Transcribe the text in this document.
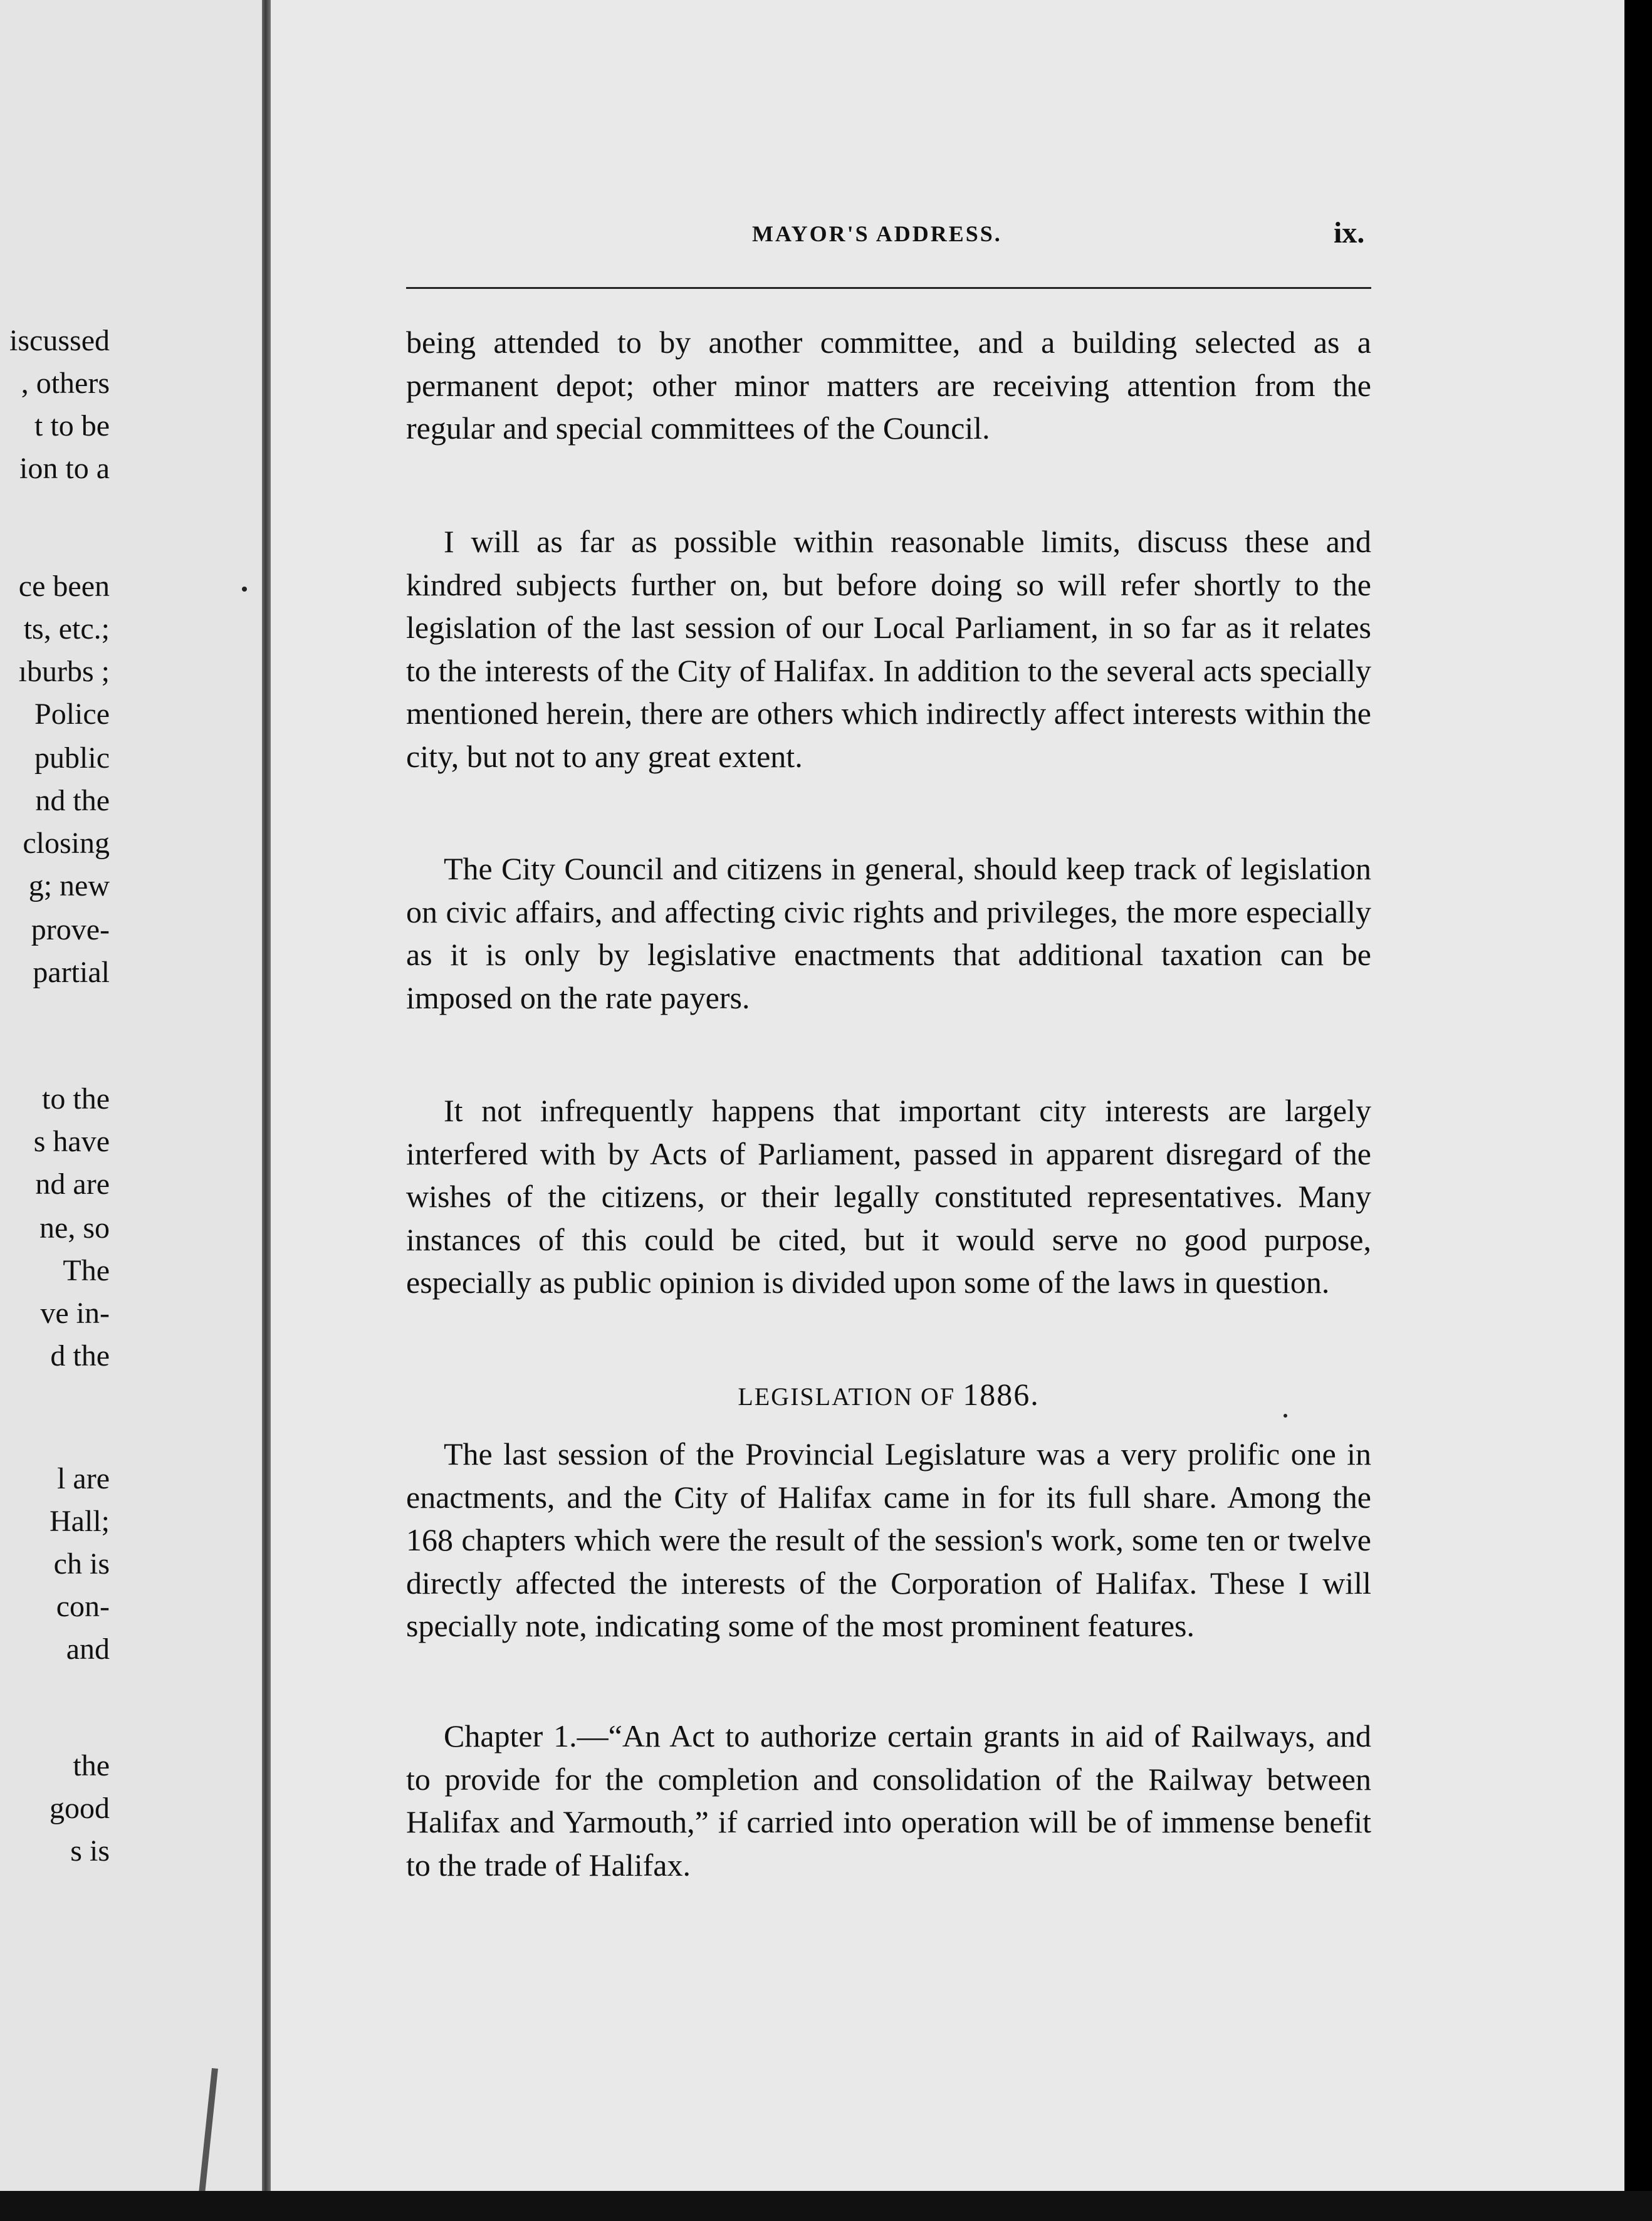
iscussed
, others
t to be
ion to a
ce been
ts, etc.;
ıburbs ;
Police
public
nd the
closing
g; new
prove-
partial
to the
s have
nd are
ne, so
The
ve in-
d the
l are
Hall;
ch is
con-
and
the
good
s is
MAYOR'S ADDRESS.	ix.

being attended to by another committee, and a building selected as a permanent depot; other minor matters are receiving attention from the regular and special committees of the Council.

I will as far as possible within reasonable limits, discuss these and kindred subjects further on, but before doing so will refer shortly to the legislation of the last session of our Local Parliament, in so far as it relates to the interests of the City of Halifax. In addition to the several acts specially mentioned herein, there are others which indirectly affect interests within the city, but not to any great extent.

The City Council and citizens in general, should keep track of legislation on civic affairs, and affecting civic rights and privileges, the more especially as it is only by legislative enactments that additional taxation can be imposed on the rate payers.

It not infrequently happens that important city interests are largely interfered with by Acts of Parliament, passed in apparent disregard of the wishes of the citizens, or their legally constituted representatives. Many instances of this could be cited, but it would serve no good purpose, especially as public opinion is divided upon some of the laws in question.

LEGISLATION OF 1886.

The last session of the Provincial Legislature was a very prolific one in enactments, and the City of Halifax came in for its full share. Among the 168 chapters which were the result of the session's work, some ten or twelve directly affected the interests of the Corporation of Halifax. These I will specially note, indicating some of the most prominent features.

Chapter 1.—“An Act to authorize certain grants in aid of Railways, and to provide for the completion and consolidation of the Railway between Halifax and Yarmouth,” if carried into operation will be of immense benefit to the trade of Halifax.
